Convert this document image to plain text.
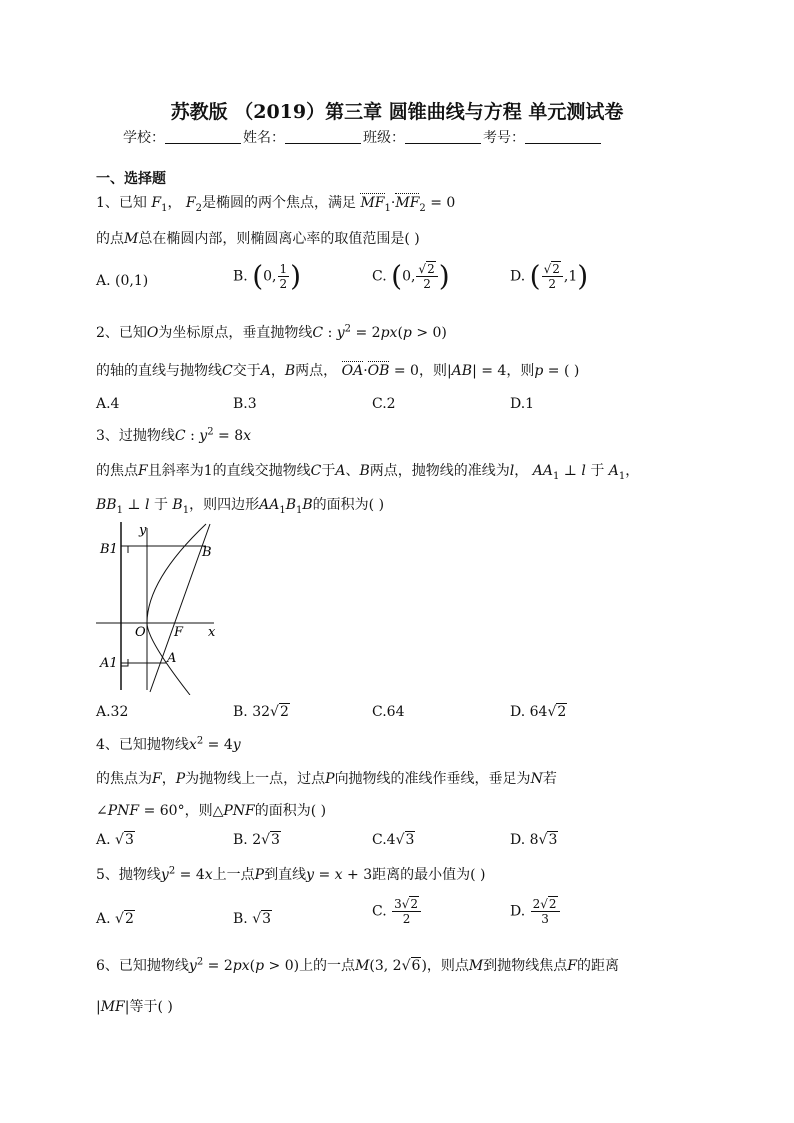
苏教版 （2019）第三章 圆锥曲线与方程 单元测试卷
学校：	姓名：	班级：	考号：
一、选择题
1、已知 $F_1$， $F_2$是椭圆的两个焦点，满足 $MF_1\cdot MF_2 = 0$
的点M总在椭圆内部，则椭圆离心率的取值范围是( )
A. (0,1)	B. (0, $\frac{1}{2}$ )	C. (0, $\frac{√2}{2}$ )	D. ( $\frac{√2}{2} ,1$)
2、已知O为坐标原点，垂直抛物线C : $y^2 = 2px(p > 0)$
的轴的直线与抛物线C交于A，B两点， OA·OB = 0，则|AB| = 4，则p = ( )
A.4	B.3	C.2	D.1
3、过抛物线C : $y^2 = 8x$
的焦点F且斜率为1的直线交抛物线C于A、B两点，抛物线的准线为l， $AA_1$ ⊥ l 于 $A_1$，
$BB_1$ ⊥ l 于 $B_1$，则四边形$AA_1B_1B$的面积为( )
y
B1	B
O F x
A1	A
A.32	B. 32√2	C.64	D. 64√2
4、已知抛物线$x^2 = 4y$
的焦点为F，P为抛物线上一点，过点P向抛物线的准线作垂线，垂足为N若
∠PNF = 60°，则△PNF的面积为( )
A. √3	B. 2√3	C.4√3	D. 8√3
5、抛物线$y^2 = 4x$上一点P到直线y = x + 3距离的最小值为( )
A. √2	B. √3	C. $\frac{3√2}{2}$	D. $\frac{2√2}{3}$
6、已知抛物线$y^2 = 2px(p > 0)$上的一点M(3, 2√6)，则点M到抛物线焦点F的距离
|MF|等于( )
